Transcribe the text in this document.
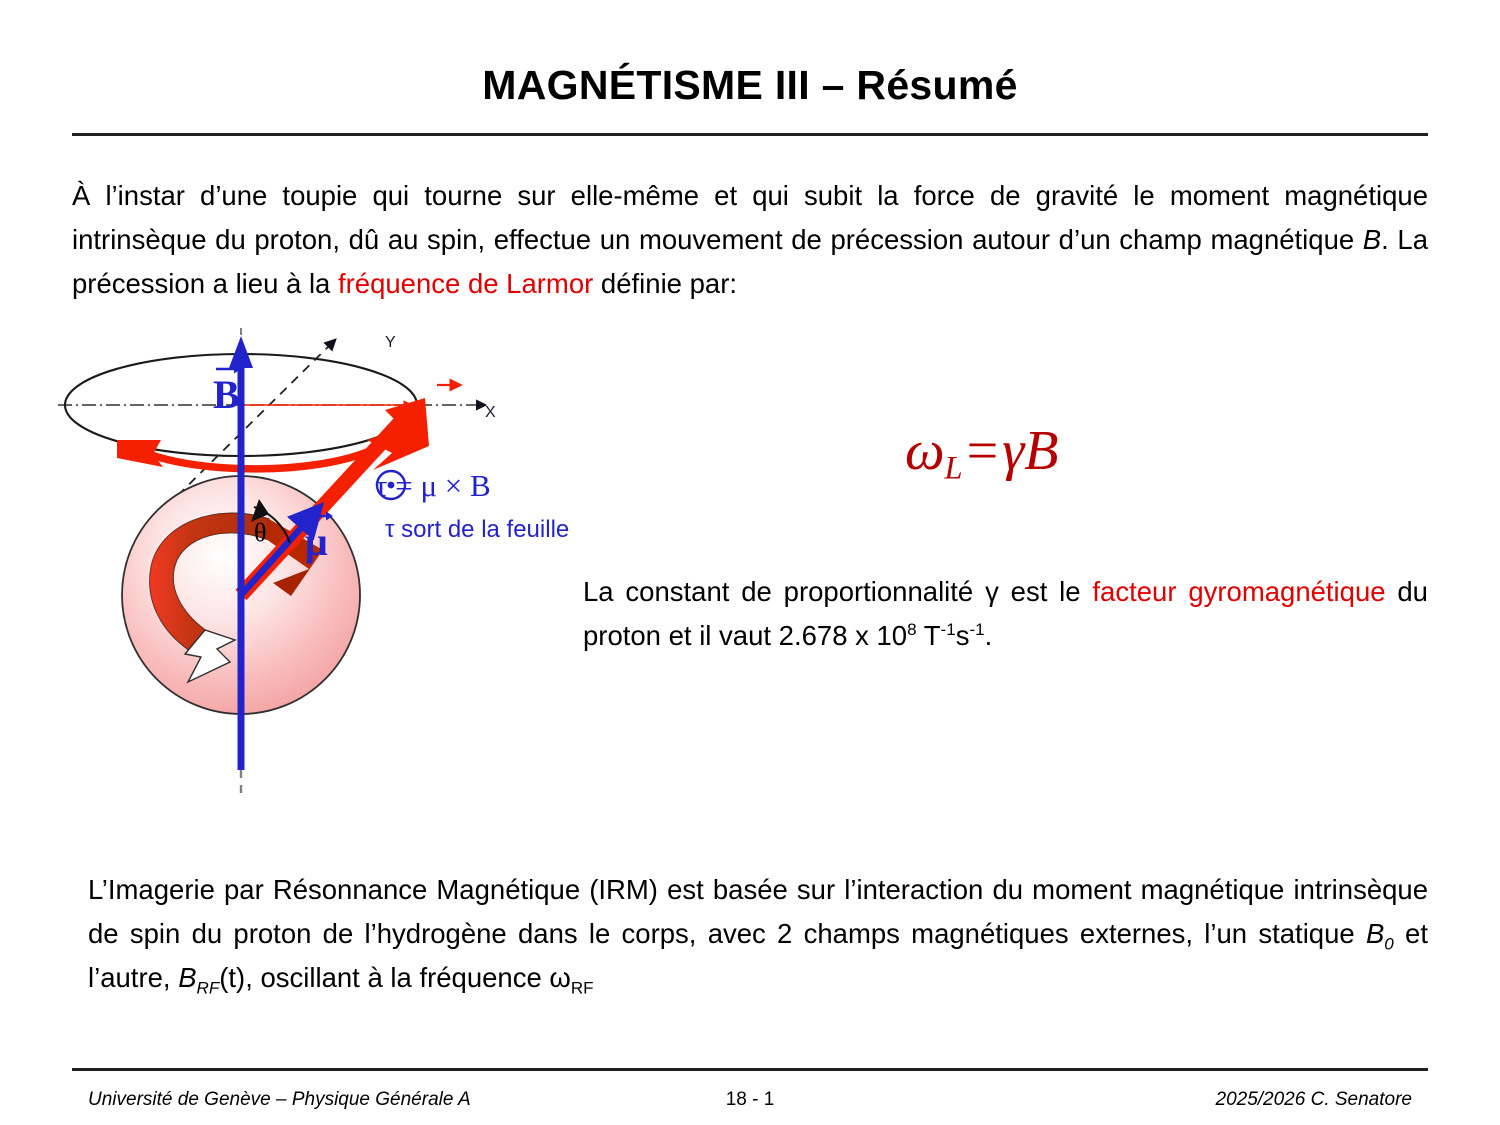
MAGNÉTISME III – Résumé
À l’instar d’une toupie qui tourne sur elle-même et qui subit la force de gravité le moment magnétique intrinsèque du proton, dû au spin, effectue un mouvement de précession autour d’un champ magnétique B. La précession a lieu à la fréquence de Larmor définie par:
$\omega_L=\gamma B$
La constant de proportionnalité γ est le facteur gyromagnétique du proton et il vaut 2.678 x $10^8$ $T^{-1}s^{-1}$.
L’Imagerie par Résonnance Magnétique (IRM) est basée sur l’interaction du moment magnétique intrinsèque de spin du proton de l’hydrogène dans le corps, avec 2 champs magnétiques externes, l’un statique $B_0$ et l’autre, $B_{RF}(t)$, oscillant à la fréquence $\omega_{RF}$
B
μ
τ = μ × B
τ sort de la feuille
Y
X
θ
Université de Genève – Physique Générale A	18 - 1	2025/2026 C. Senatore
